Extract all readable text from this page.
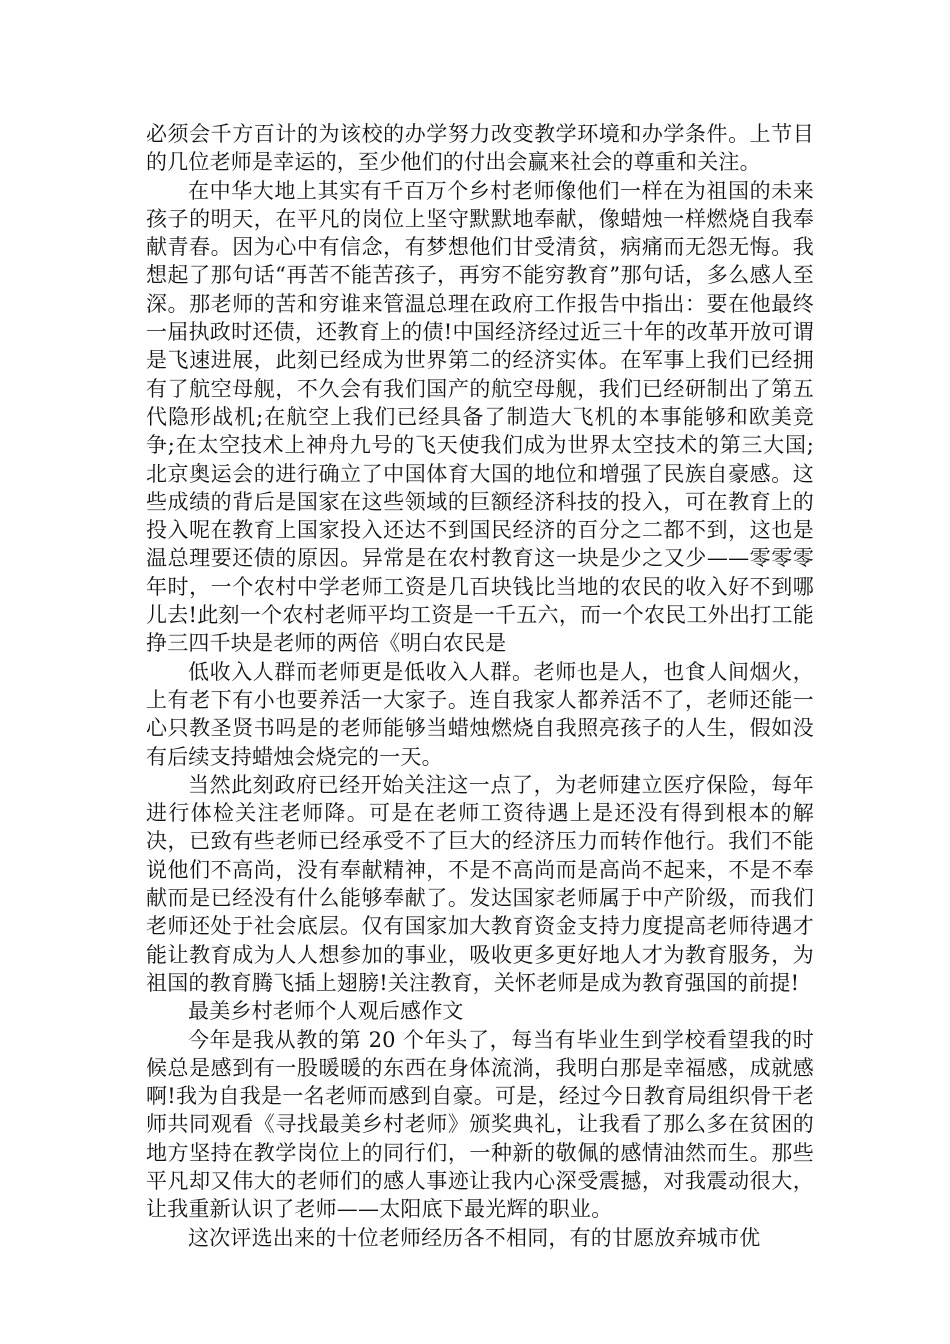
必须会千方百计的为该校的办学努力改变教学环境和办学条件。上节目的几位老师是幸运的，至少他们的付出会赢来社会的尊重和关注。

在中华大地上其实有千百万个乡村老师像他们一样在为祖国的未来孩子的明天，在平凡的岗位上坚守默默地奉献，像蜡烛一样燃烧自我奉献青春。因为心中有信念，有梦想他们甘受清贫，病痛而无怨无悔。我想起了那句话“再苦不能苦孩子，再穷不能穷教育”那句话，多么感人至深。那老师的苦和穷谁来管温总理在政府工作报告中指出：要在他最终一届执政时还债，还教育上的债!中国经济经过近三十年的改革开放可谓是飞速进展，此刻已经成为世界第二的经济实体。在军事上我们已经拥有了航空母舰，不久会有我们国产的航空母舰，我们已经研制出了第五代隐形战机;在航空上我们已经具备了制造大飞机的本事能够和欧美竞争;在太空技术上神舟九号的飞天使我们成为世界太空技术的第三大国;北京奥运会的进行确立了中国体育大国的地位和增强了民族自豪感。这些成绩的背后是国家在这些领域的巨额经济科技的投入，可在教育上的投入呢在教育上国家投入还达不到国民经济的百分之二都不到，这也是温总理要还债的原因。异常是在农村教育这一块是少之又少——零零零年时，一个农村中学老师工资是几百块钱比当地的农民的收入好不到哪儿去!此刻一个农村老师平均工资是一千五六，而一个农民工外出打工能挣三四千块是老师的两倍《明白农民是

低收入人群而老师更是低收入人群。老师也是人，也食人间烟火，上有老下有小也要养活一大家子。连自我家人都养活不了，老师还能一心只教圣贤书吗是的老师能够当蜡烛燃烧自我照亮孩子的人生，假如没有后续支持蜡烛会烧完的一天。

当然此刻政府已经开始关注这一点了，为老师建立医疗保险，每年进行体检关注老师降。可是在老师工资待遇上是还没有得到根本的解决，已致有些老师已经承受不了巨大的经济压力而转作他行。我们不能说他们不高尚，没有奉献精神，不是不高尚而是高尚不起来，不是不奉献而是已经没有什么能够奉献了。发达国家老师属于中产阶级，而我们老师还处于社会底层。仅有国家加大教育资金支持力度提高老师待遇才能让教育成为人人想参加的事业，吸收更多更好地人才为教育服务，为祖国的教育腾飞插上翅膀!关注教育，关怀老师是成为教育强国的前提!

最美乡村老师个人观后感作文

今年是我从教的第 20 个年头了，每当有毕业生到学校看望我的时候总是感到有一股暖暖的东西在身体流淌，我明白那是幸福感，成就感啊!我为自我是一名老师而感到自豪。可是，经过今日教育局组织骨干老师共同观看《寻找最美乡村老师》颁奖典礼，让我看了那么多在贫困的地方坚持在教学岗位上的同行们，一种新的敬佩的感情油然而生。那些平凡却又伟大的老师们的感人事迹让我内心深受震撼，对我震动很大，让我重新认识了老师——太阳底下最光辉的职业。

这次评选出来的十位老师经历各不相同，有的甘愿放弃城市优
